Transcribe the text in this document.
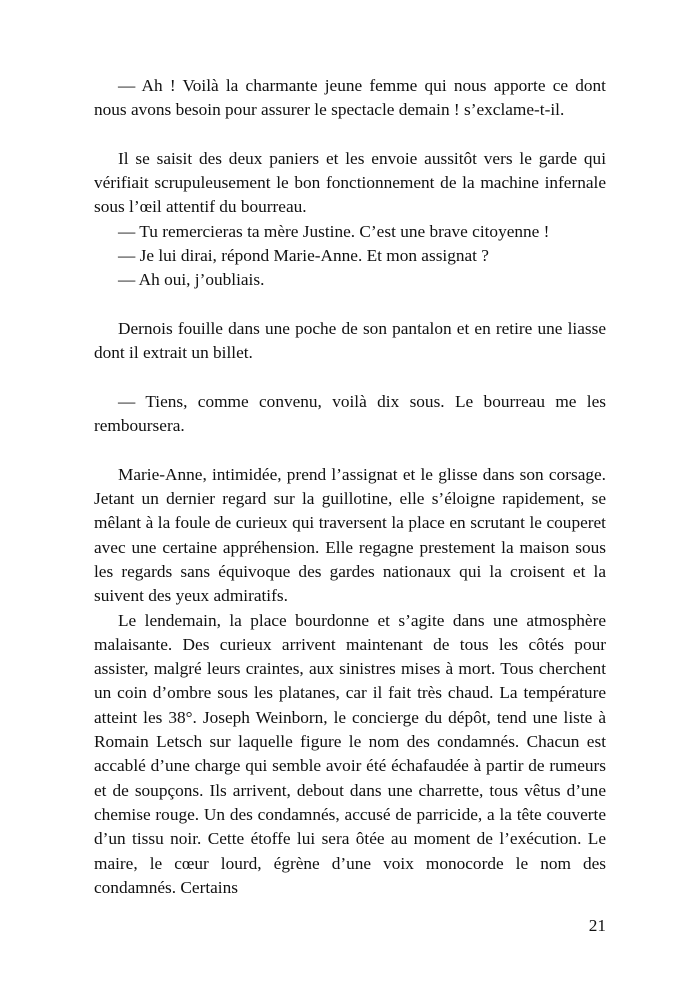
— Ah ! Voilà la charmante jeune femme qui nous apporte ce dont nous avons besoin pour assurer le spectacle demain ! s’exclame-t-il.

Il se saisit des deux paniers et les envoie aussitôt vers le garde qui vérifiait scrupuleusement le bon fonctionnement de la machine infernale sous l’œil attentif du bourreau.

— Tu remercieras ta mère Justine. C’est une brave citoyenne !

— Je lui dirai, répond Marie-Anne. Et mon assignat ?

— Ah oui, j’oubliais.

Dernois fouille dans une poche de son pantalon et en retire une liasse dont il extrait un billet.

— Tiens, comme convenu, voilà dix sous. Le bourreau me les remboursera.

Marie-Anne, intimidée, prend l’assignat et le glisse dans son corsage. Jetant un dernier regard sur la guillotine, elle s’éloigne rapidement, se mêlant à la foule de curieux qui traversent la place en scrutant le couperet avec une certaine appréhension. Elle regagne prestement la maison sous les regards sans équivoque des gardes nationaux qui la croisent et la suivent des yeux admiratifs.

Le lendemain, la place bourdonne et s’agite dans une atmosphère malaisante. Des curieux arrivent maintenant de tous les côtés pour assister, malgré leurs craintes, aux sinistres mises à mort. Tous cherchent un coin d’ombre sous les platanes, car il fait très chaud. La température atteint les 38°. Joseph Weinborn, le concierge du dépôt, tend une liste à Romain Letsch sur laquelle figure le nom des condamnés. Chacun est accablé d’une charge qui semble avoir été échafaudée à partir de rumeurs et de soupçons. Ils arrivent, debout dans une charrette, tous vêtus d’une chemise rouge. Un des condamnés, accusé de parricide, a la tête couverte d’un tissu noir. Cette étoffe lui sera ôtée au moment de l’exécution. Le maire, le cœur lourd, égrène d’une voix monocorde le nom des condamnés. Certains

21
